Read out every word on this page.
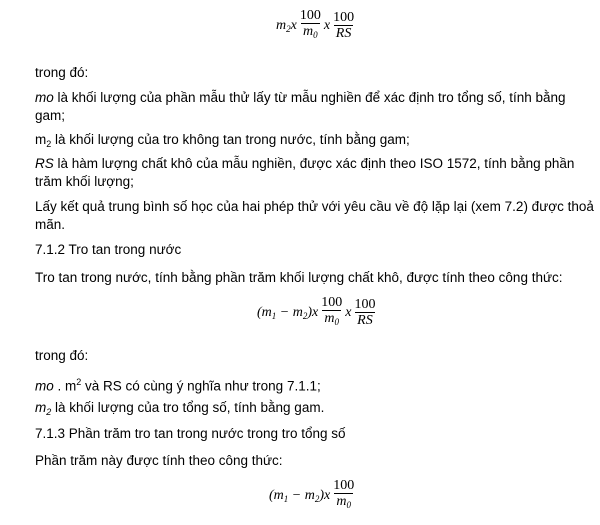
$m_2$ x $\frac{100}{m_0}$ x $\frac{100}{RS}$
trong đó:
mo là khối lượng của phần mẫu thử lấy từ mẫu nghiền để xác định tro tổng số, tính bằng gam;
$m_2$ là khối lượng của tro không tan trong nước, tính bằng gam;
RS là hàm lượng chất khô của mẫu nghiền, được xác định theo ISO 1572, tính bằng phần trăm khối lượng;
Lấy kết quả trung bình số học của hai phép thử với yêu cầu về độ lặp lại (xem 7.2) được thoả mãn.
7.1.2 Tro tan trong nước
Tro tan trong nước, tính bằng phần trăm khối lượng chất khô, được tính theo công thức:
$(m_1 - m_2)x \frac{100}{m_0}$ x $\frac{100}{RS}$
trong đó:
mo . $m^2$ và RS có cùng ý nghĩa như trong 7.1.1;
$m_2$ là khối lượng của tro tổng số, tính bằng gam.
7.1.3 Phần trăm tro tan trong nước trong tro tổng số
Phần trăm này được tính theo công thức:
$(m_1 - m_2)x \frac{100}{m_0}$
